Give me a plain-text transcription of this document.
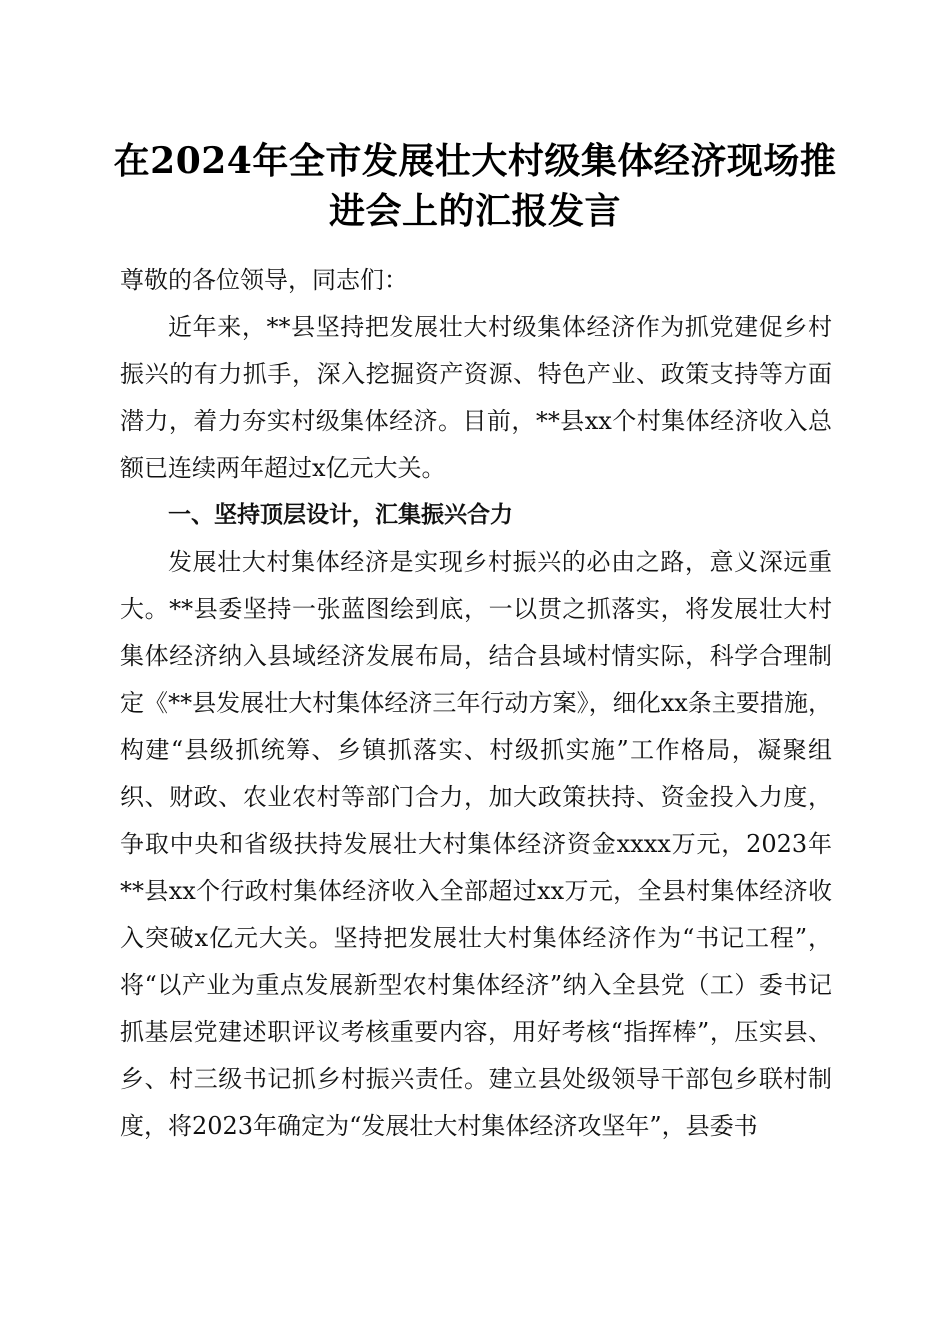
在2024年全市发展壮大村级集体经济现场推
进会上的汇报发言

尊敬的各位领导，同志们：

近年来，**县坚持把发展壮大村级集体经济作为抓党建促乡村振兴的有力抓手，深入挖掘资产资源、特色产业、政策支持等方面潜力，着力夯实村级集体经济。目前，**县xx个村集体经济收入总额已连续两年超过x亿元大关。

一、坚持顶层设计，汇集振兴合力

发展壮大村集体经济是实现乡村振兴的必由之路，意义深远重大。**县委坚持一张蓝图绘到底，一以贯之抓落实，将发展壮大村集体经济纳入县域经济发展布局，结合县域村情实际，科学合理制定《**县发展壮大村集体经济三年行动方案》，细化xx条主要措施，构建“县级抓统筹、乡镇抓落实、村级抓实施”工作格局，凝聚组织、财政、农业农村等部门合力，加大政策扶持、资金投入力度，争取中央和省级扶持发展壮大村集体经济资金xxxx万元，2023年**县xx个行政村集体经济收入全部超过xx万元，全县村集体经济收入突破x亿元大关。坚持把发展壮大村集体经济作为“书记工程”，将“以产业为重点发展新型农村集体经济”纳入全县党（工）委书记抓基层党建述职评议考核重要内容，用好考核“指挥棒”，压实县、乡、村三级书记抓乡村振兴责任。建立县处级领导干部包乡联村制度，将2023年确定为“发展壮大村集体经济攻坚年”，县委书
